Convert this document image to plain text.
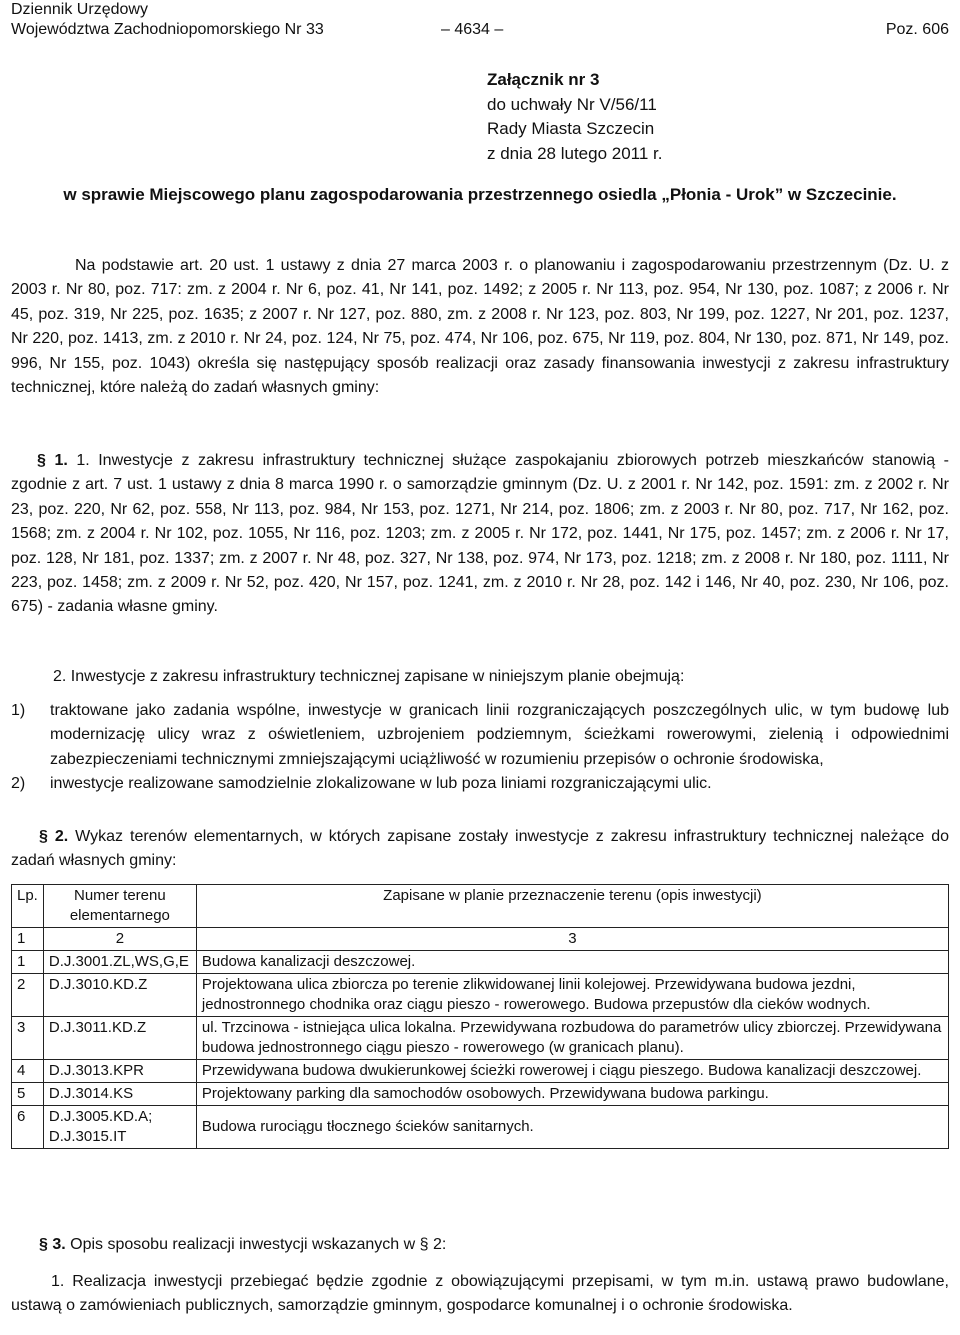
Dziennik Urzędowy
Województwa Zachodniopomorskiego Nr 33	– 4634 –	Poz. 606
Załącznik nr 3
do uchwały Nr V/56/11
Rady Miasta Szczecin
z dnia 28 lutego 2011 r.
w sprawie Miejscowego planu zagospodarowania przestrzennego osiedla „Płonia - Urok” w Szczecinie.
Na podstawie art. 20 ust. 1 ustawy z dnia 27 marca 2003 r. o planowaniu i zagospodarowaniu przestrzennym (Dz. U. z 2003 r. Nr 80, poz. 717: zm. z 2004 r. Nr 6, poz. 41, Nr 141, poz. 1492; z 2005 r. Nr 113, poz. 954, Nr 130, poz. 1087; z 2006 r. Nr 45, poz. 319, Nr 225, poz. 1635; z 2007 r. Nr 127, poz. 880, zm. z 2008 r. Nr 123, poz. 803, Nr 199, poz. 1227, Nr 201, poz. 1237, Nr 220, poz. 1413, zm. z 2010 r. Nr 24, poz. 124, Nr 75, poz. 474, Nr 106, poz. 675, Nr 119, poz. 804, Nr 130, poz. 871, Nr 149, poz. 996, Nr 155, poz. 1043) określa się następujący sposób realizacji oraz zasady finansowania inwestycji z zakresu infrastruktury technicznej, które należą do zadań własnych gminy:
§ 1. 1. Inwestycje z zakresu infrastruktury technicznej służące zaspokajaniu zbiorowych potrzeb mieszkańców stanowią - zgodnie z art. 7 ust. 1 ustawy z dnia 8 marca 1990 r. o samorządzie gminnym (Dz. U. z 2001 r. Nr 142, poz. 1591: zm. z 2002 r. Nr 23, poz. 220, Nr 62, poz. 558, Nr 113, poz. 984, Nr 153, poz. 1271, Nr 214, poz. 1806; zm. z 2003 r. Nr 80, poz. 717, Nr 162, poz. 1568; zm. z 2004 r. Nr 102, poz. 1055, Nr 116, poz. 1203; zm. z 2005 r. Nr 172, poz. 1441, Nr 175, poz. 1457; zm. z 2006 r. Nr 17, poz. 128, Nr 181, poz. 1337; zm. z 2007 r. Nr 48, poz. 327, Nr 138, poz. 974, Nr 173, poz. 1218; zm. z 2008 r. Nr 180, poz. 1111, Nr 223, poz. 1458; zm. z 2009 r. Nr 52, poz. 420, Nr 157, poz. 1241, zm. z 2010 r. Nr 28, poz. 142 i 146, Nr 40, poz. 230, Nr 106, poz. 675) - zadania własne gminy.
2. Inwestycje z zakresu infrastruktury technicznej zapisane w niniejszym planie obejmują:
1)	traktowane jako zadania wspólne, inwestycje w granicach linii rozgraniczających poszczególnych ulic, w tym budowę lub modernizację ulicy wraz z oświetleniem, uzbrojeniem podziemnym, ścieżkami rowerowymi, zielenią i odpowiednimi zabezpieczeniami technicznymi zmniejszającymi uciążliwość w rozumieniu przepisów o ochronie środowiska,
2)	inwestycje realizowane samodzielnie zlokalizowane w lub poza liniami rozgraniczającymi ulic.
§ 2. Wykaz terenów elementarnych, w których zapisane zostały inwestycje z zakresu infrastruktury technicznej należące do zadań własnych gminy:
Lp.	Numer terenu elementarnego	Zapisane w planie przeznaczenie terenu (opis inwestycji)
1	2	3
1	D.J.3001.ZL,WS,G,E	Budowa kanalizacji deszczowej.
2	D.J.3010.KD.Z	Projektowana ulica zbiorcza po terenie zlikwidowanej linii kolejowej. Przewidywana budowa jezdni, jednostronnego chodnika oraz ciągu pieszo - rowerowego. Budowa przepustów dla cieków wodnych.
3	D.J.3011.KD.Z	ul. Trzcinowa - istniejąca ulica lokalna. Przewidywana rozbudowa do parametrów ulicy zbiorczej. Przewidywana budowa jednostronnego ciągu pieszo - rowerowego (w granicach planu).
4	D.J.3013.KPR	Przewidywana budowa dwukierunkowej ścieżki rowerowej i ciągu pieszego. Budowa kanalizacji deszczowej.
5	D.J.3014.KS	Projektowany parking dla samochodów osobowych. Przewidywana budowa parkingu.
6	D.J.3005.KD.A; D.J.3015.IT	Budowa rurociągu tłocznego ścieków sanitarnych.
§ 3. Opis sposobu realizacji inwestycji wskazanych w § 2:
1. Realizacja inwestycji przebiegać będzie zgodnie z obowiązującymi przepisami, w tym m.in. ustawą prawo budowlane, ustawą o zamówieniach publicznych, samorządzie gminnym, gospodarce komunalnej i o ochronie środowiska.
